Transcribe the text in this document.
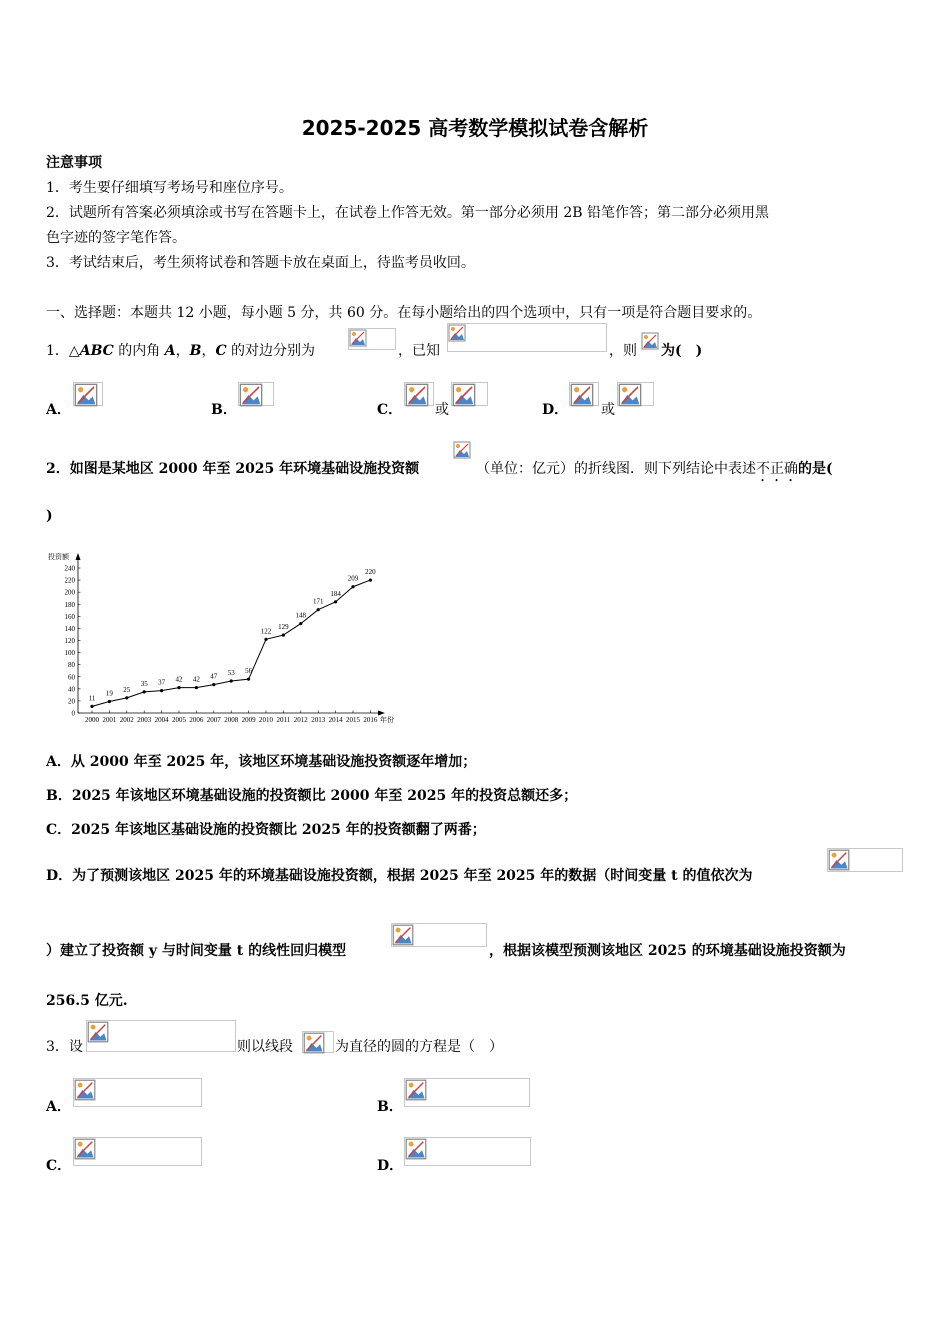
2025-2025 高考数学模拟试卷含解析
注意事项
1．考生要仔细填写考场号和座位序号。
2．试题所有答案必须填涂或书写在答题卡上，在试卷上作答无效。第一部分必须用 2B 铅笔作答；第二部分必须用黑
色字迹的签字笔作答。
3．考试结束后，考生须将试卷和答题卡放在桌面上，待监考员收回。
一、选择题：本题共 12 小题，每小题 5 分，共 60 分。在每小题给出的四个选项中，只有一项是符合题目要求的。
1．△ABC 的内角 A，B，C 的对边分别为	，已知	，则 为(　)
A．	B．	C． 或	D． 或
2．如图是某地区 2000 年至 2025 年环境基础设施投资额	（单位：亿元）的折线图．则下列结论中表述不正确的是(
)
投资额
年份
0
20
40
60
80
100
120
140
160
180
200
220
240
2000 2001 2002 2003 2004 2005 2006 2007 2008 2009 2010 2011 2012 2013 2014 2015 2016
11
19 25
35 37 42 42 47 53 56
122
129
148
171
184
209
220
A．从 2000 年至 2025 年，该地区环境基础设施投资额逐年增加；
B．2025 年该地区环境基础设施的投资额比 2000 年至 2025 年的投资总额还多；
C．2025 年该地区基础设施的投资额比 2025 年的投资额翻了两番；
D．为了预测该地区 2025 年的环境基础设施投资额，根据 2025 年至 2025 年的数据（时间变量 t 的值依次为
）建立了投资额 y 与时间变量 t 的线性回归模型	，根据该模型预测该地区 2025 的环境基础设施投资额为
256.5 亿元.
3．设	则以线段	为直径的圆的方程是（　）
A．	B．
C．	D．
